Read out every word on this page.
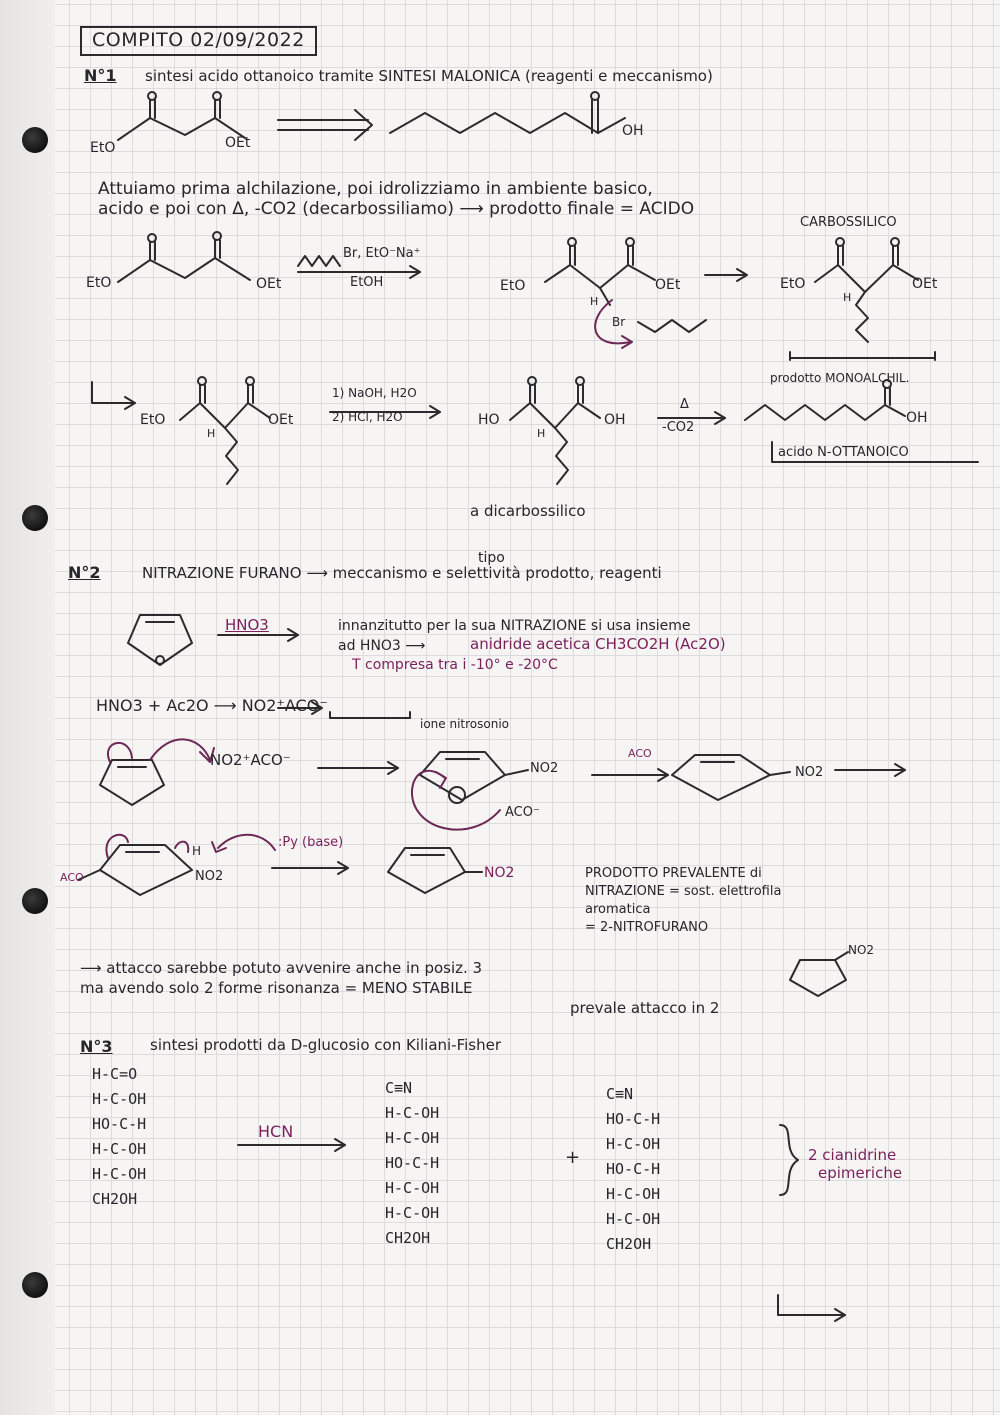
COMPITO 02/09/2022
N°1 sintesi acido ottanoico tramite SINTESI MALONICA (reagenti e meccanismo)
EtO	OEt
OH
Attuiamo prima alchilazione, poi idrolizziamo in ambiente basico,
acido e poi con Δ, -CO2 (decarbossiliamo) ⟶ prodotto finale = ACIDO
CARBOSSILICO
EtO	OEt
Br, EtO⁻Na⁺
EtOH	EtO	OEt
H
Br
EtO	OEt
H
prodotto MONOALCHIL.
EtO	OEt
H
1) NaOH, H2O
2) HCl, H2O	HO	OH
H
Δ
-CO2
OH
acido N-OTTANOICO
a dicarbossilico
tipo
N°2	NITRAZIONE FURANO ⟶ meccanismo e selettività prodotto, reagenti
HNO3	innanzitutto per la sua NITRAZIONE si usa insieme
ad HNO3 ⟶	anidride acetica CH3CO2H (Ac2O)
T compresa tra i -10° e -20°C
HNO3 + Ac2O ⟶ NO2⁺ACO⁻
ione nitrosonio
NO2⁺ACO⁻	NO2
ACO⁻
ACO
NO2
ACO
H
NO2
:Py (base)
NO2	PRODOTTO PREVALENTE di
NITRAZIONE = sost. elettrofila
aromatica
= 2-NITROFURANO
⟶ attacco sarebbe potuto avvenire anche in posiz. 3
ma avendo solo 2 forme risonanza = MENO STABILE
prevale attacco in 2
NO2
N°3 sintesi prodotti da D-glucosio con Kiliani-Fisher
H-C=O
H-C-OH
HO-C-H
H-C-OH
H-C-OH
CH2OH
HCN
C≡N
H-C-OH
H-C-OH
HO-C-H
H-C-OH
H-C-OH
CH2OH
+
C≡N
HO-C-H
H-C-OH
HO-C-H
H-C-OH
H-C-OH
CH2OH
2 cianidrine
epimeriche
